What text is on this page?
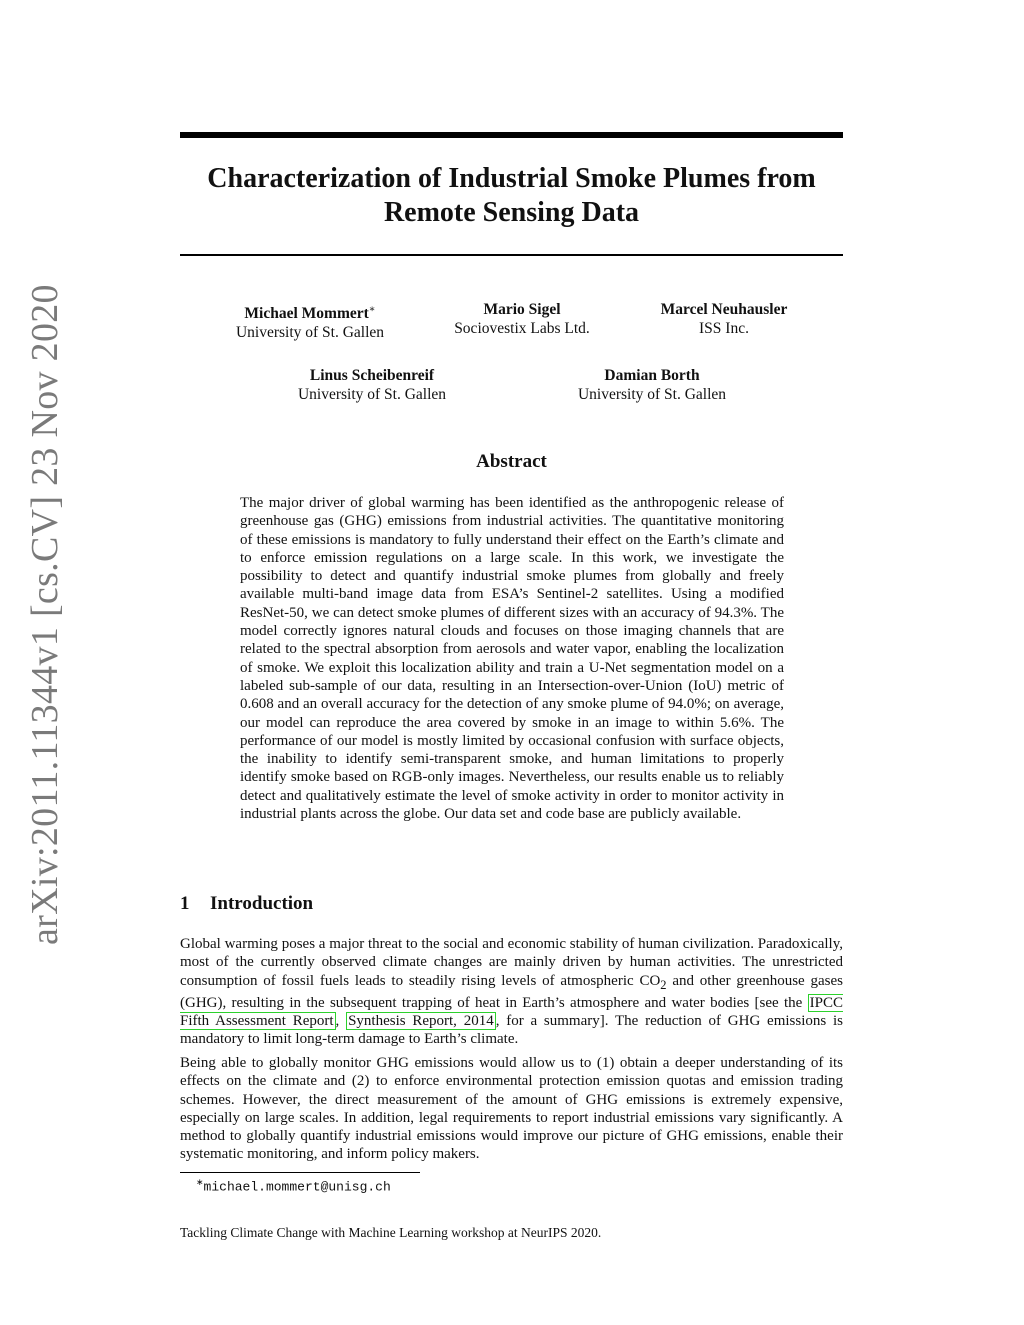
arXiv:2011.11344v1 [cs.CV] 23 Nov 2020
Characterization of Industrial Smoke Plumes from
Remote Sensing Data
Michael Mommert∗
University of St. Gallen
Mario Sigel
Sociovestix Labs Ltd.
Marcel Neuhausler
ISS Inc.
Linus Scheibenreif
University of St. Gallen
Damian Borth
University of St. Gallen
Abstract

The major driver of global warming has been identified as the anthropogenic release of greenhouse gas (GHG) emissions from industrial activities. The quantitative monitoring of these emissions is mandatory to fully understand their effect on the Earth’s climate and to enforce emission regulations on a large scale. In this work, we investigate the possibility to detect and quantify industrial smoke plumes from globally and freely available multi-band image data from ESA’s Sentinel-2 satellites. Using a modified ResNet-50, we can detect smoke plumes of different sizes with an accuracy of 94.3%. The model correctly ignores natural clouds and focuses on those imaging channels that are related to the spectral absorption from aerosols and water vapor, enabling the localization of smoke. We exploit this localization ability and train a U-Net segmentation model on a labeled sub-sample of our data, resulting in an Intersection-over-Union (IoU) metric of 0.608 and an overall accuracy for the detection of any smoke plume of 94.0%; on average, our model can reproduce the area covered by smoke in an image to within 5.6%. The performance of our model is mostly limited by occasional confusion with surface objects, the inability to identify semi-transparent smoke, and human limitations to properly identify smoke based on RGB-only images. Nevertheless, our results enable us to reliably detect and qualitatively estimate the level of smoke activity in order to monitor activity in industrial plants across the globe. Our data set and code base are publicly available.

1 Introduction

Global warming poses a major threat to the social and economic stability of human civilization. Paradoxically, most of the currently observed climate changes are mainly driven by human activities. The unrestricted consumption of fossil fuels leads to steadily rising levels of atmospheric $CO_2$ and other greenhouse gases (GHG), resulting in the subsequent trapping of heat in Earth’s atmosphere and water bodies [see the IPCC Fifth Assessment Report , Synthesis Report, 2014 , for a summary]. The reduction of GHG emissions is mandatory to limit long-term damage to Earth’s climate.

Being able to globally monitor GHG emissions would allow us to (1) obtain a deeper understanding of its effects on the climate and (2) to enforce environmental protection emission quotas and emission trading schemes. However, the direct measurement of the amount of GHG emissions is extremely expensive, especially on large scales. In addition, legal requirements to report industrial emissions vary significantly. A method to globally quantify industrial emissions would improve our picture of GHG emissions, enable their systematic monitoring, and inform policy makers.

∗michael.mommert@unisg.ch
Tackling Climate Change with Machine Learning workshop at NeurIPS 2020.
